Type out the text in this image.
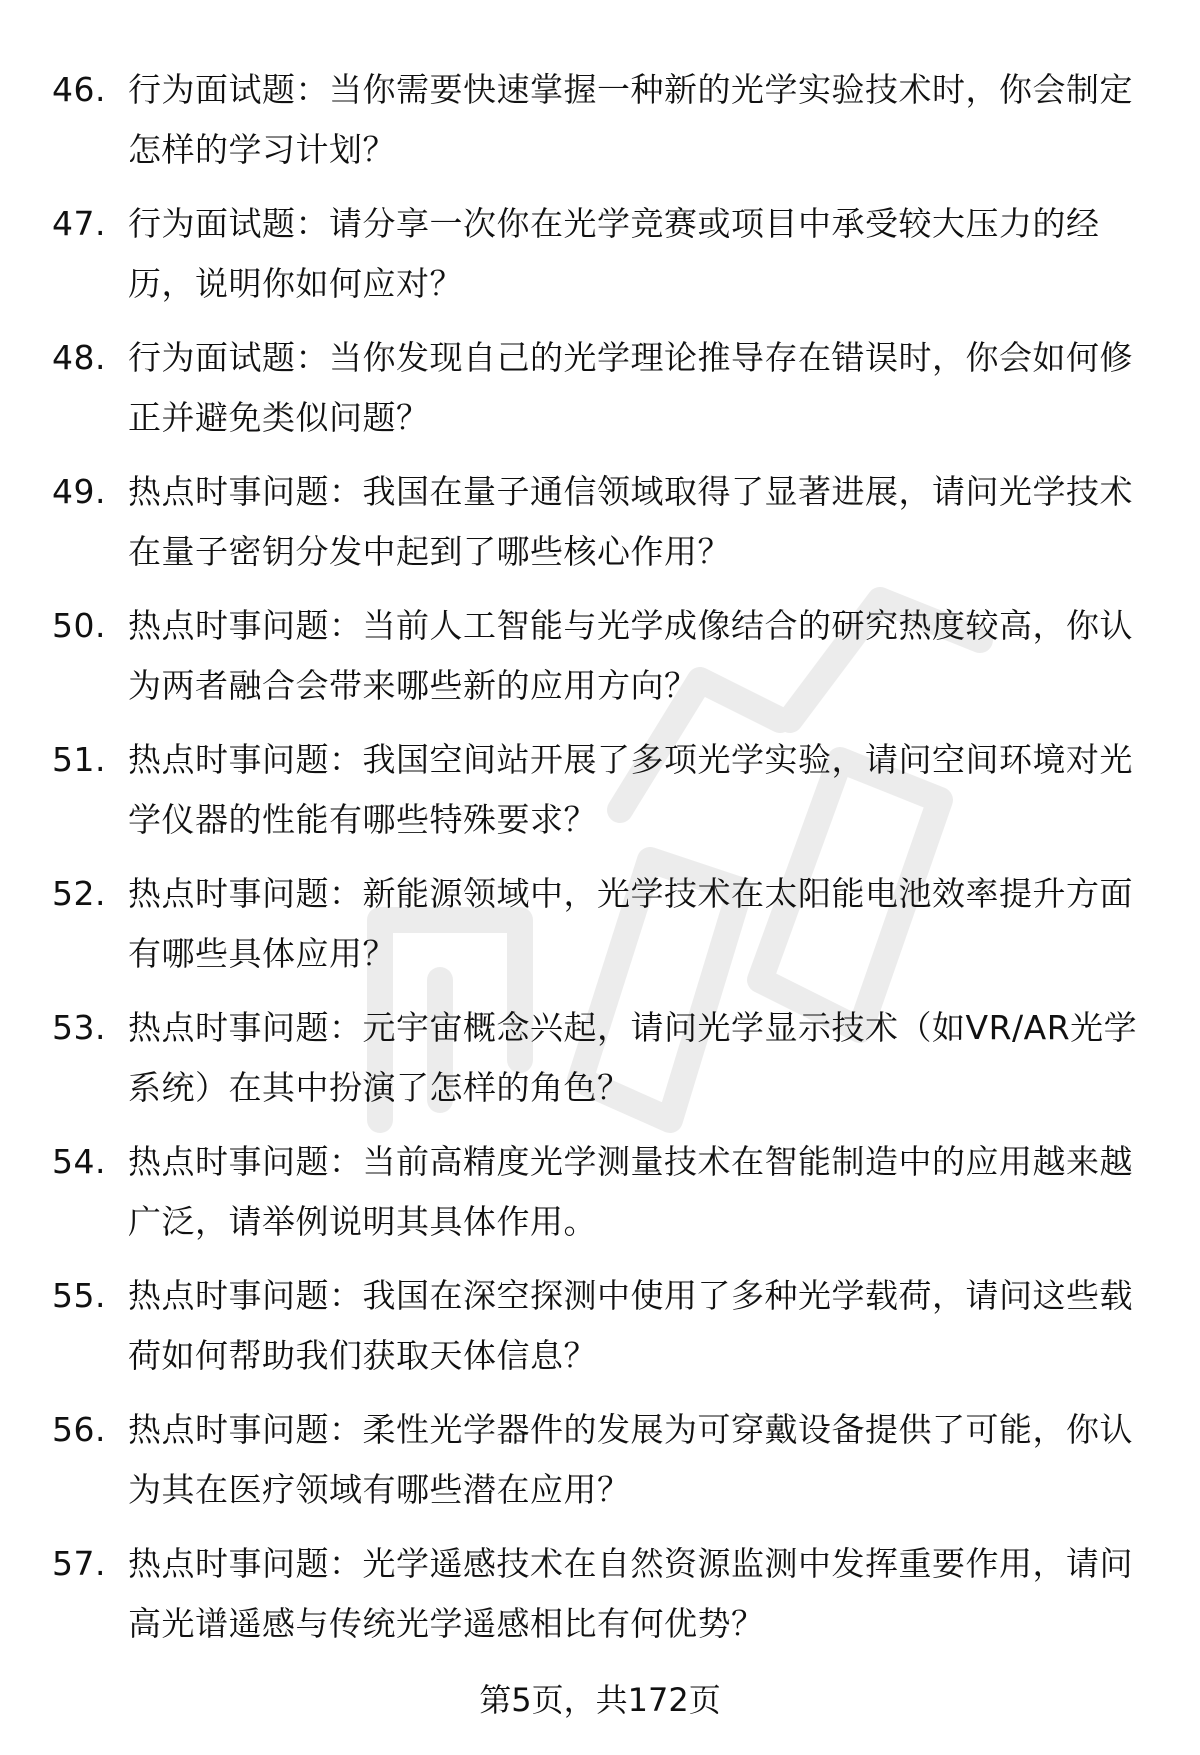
46. 行为面试题：当你需要快速掌握一种新的光学实验技术时，你会制定怎样的学习计划？
47. 行为面试题：请分享一次你在光学竞赛或项目中承受较大压力的经历，说明你如何应对？
48. 行为面试题：当你发现自己的光学理论推导存在错误时，你会如何修正并避免类似问题？
49. 热点时事问题：我国在量子通信领域取得了显著进展，请问光学技术在量子密钥分发中起到了哪些核心作用？
50. 热点时事问题：当前人工智能与光学成像结合的研究热度较高，你认为两者融合会带来哪些新的应用方向？
51. 热点时事问题：我国空间站开展了多项光学实验，请问空间环境对光学仪器的性能有哪些特殊要求？
52. 热点时事问题：新能源领域中，光学技术在太阳能电池效率提升方面有哪些具体应用？
53. 热点时事问题：元宇宙概念兴起，请问光学显示技术（如VR/AR光学系统）在其中扮演了怎样的角色？
54. 热点时事问题：当前高精度光学测量技术在智能制造中的应用越来越广泛，请举例说明其具体作用。
55. 热点时事问题：我国在深空探测中使用了多种光学载荷，请问这些载荷如何帮助我们获取天体信息？
56. 热点时事问题：柔性光学器件的发展为可穿戴设备提供了可能，你认为其在医疗领域有哪些潜在应用？
57. 热点时事问题：光学遥感技术在自然资源监测中发挥重要作用，请问高光谱遥感与传统光学遥感相比有何优势？
第5页，共172页
